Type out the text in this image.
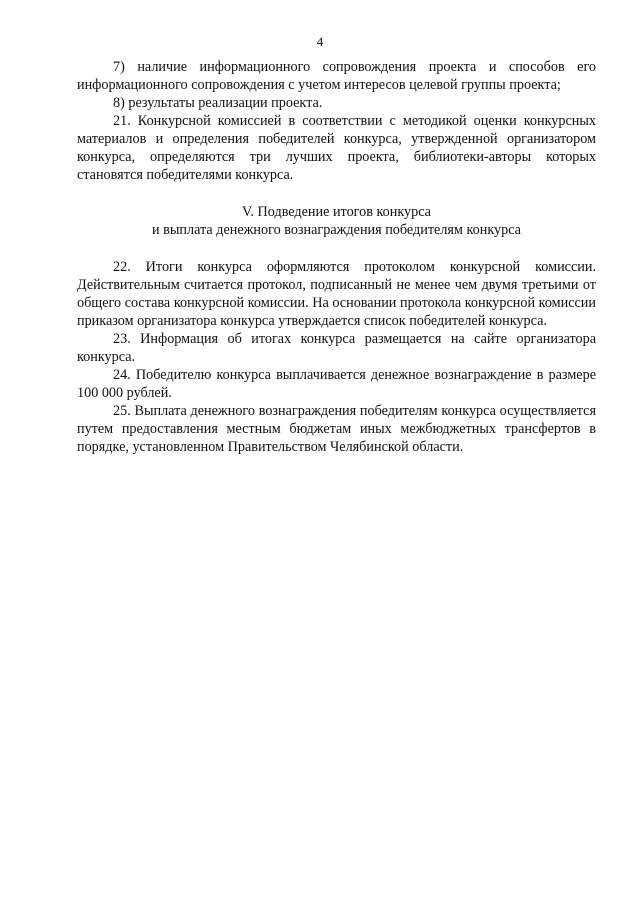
4

7) наличие информационного сопровождения проекта и способов его информационного сопровождения с учетом интересов целевой группы проекта;

8) результаты реализации проекта.

21. Конкурсной комиссией в соответствии с методикой оценки конкурсных материалов и определения победителей конкурса, утвержденной организатором конкурса, определяются три лучших проекта, библиотеки-авторы которых становятся победителями конкурса.

V. Подведение итогов конкурса
и выплата денежного вознаграждения победителям конкурса

22. Итоги конкурса оформляются протоколом конкурсной комиссии. Действительным считается протокол, подписанный не менее чем двумя третьими от общего состава конкурсной комиссии. На основании протокола конкурсной комиссии приказом организатора конкурса утверждается список победителей конкурса.

23. Информация об итогах конкурса размещается на сайте организатора конкурса.

24. Победителю конкурса выплачивается денежное вознаграждение в размере 100 000 рублей.

25. Выплата денежного вознаграждения победителям конкурса осуществляется путем предоставления местным бюджетам иных межбюджетных трансфертов в порядке, установленном Правительством Челябинской области.
